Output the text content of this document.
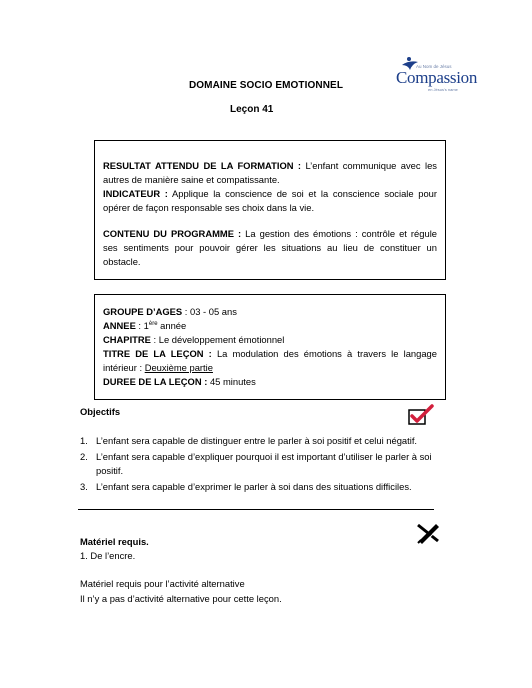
DOMAINE SOCIO EMOTIONNEL
Leçon 41
Au Nom de Jésus
Compassion
en Jésus's name

RESULTAT ATTENDU DE LA FORMATION : L’enfant communique avec les autres de manière saine et compatissante.

INDICATEUR : Applique la conscience de soi et la conscience sociale pour opérer de façon responsable ses choix dans la vie.

CONTENU DU PROGRAMME : La gestion des émotions : contrôle et régule ses sentiments pour pouvoir gérer les situations au lieu de constituer un obstacle.

GROUPE D’AGES : 03 - 05 ans

ANNEE : 1ère année

CHAPITRE : Le développement émotionnel

TITRE DE LA LEÇON : La modulation des émotions à travers le langage intérieur : Deuxième partie

DUREE DE LA LEÇON : 45 minutes

Objectifs
1. L’enfant sera capable de distinguer entre le parler à soi positif et celui négatif.
2. L’enfant sera capable d’expliquer pourquoi il est important d’utiliser le parler à soi positif.
3. L’enfant sera capable d’exprimer le parler à soi dans des situations difficiles.
Matériel requis.
1. De l’encre.
Matériel requis pour l’activité alternative
Il n’y a pas d’activité alternative pour cette leçon.
